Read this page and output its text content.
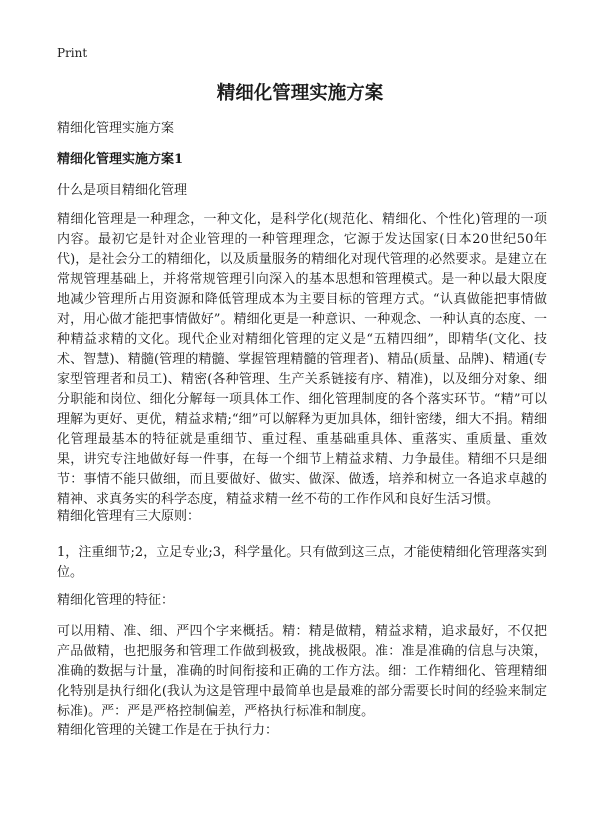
Print
精细化管理实施方案

精细化管理实施方案

精细化管理实施方案1

什么是项目精细化管理

精细化管理是一种理念，一种文化，是科学化(规范化、精细化、个性化)管理的一项内容。最初它是针对企业管理的一种管理理念，它源于发达国家(日本20世纪50年代)，是社会分工的精细化，以及质量服务的精细化对现代管理的必然要求。是建立在常规管理基础上，并将常规管理引向深入的基本思想和管理模式。是一种以最大限度地减少管理所占用资源和降低管理成本为主要目标的管理方式。“认真做能把事情做对，用心做才能把事情做好”。精细化更是一种意识、一种观念、一种认真的态度、一种精益求精的文化。现代企业对精细化管理的定义是“五精四细”，即精华(文化、技术、智慧)、精髓(管理的精髓、掌握管理精髓的管理者)、精品(质量、品牌)、精通(专家型管理者和员工)、精密(各种管理、生产关系链接有序、精准)，以及细分对象、细分职能和岗位、细化分解每一项具体工作、细化管理制度的各个落实环节。“精”可以理解为更好、更优，精益求精;“细”可以解释为更加具体，细针密缕，细大不捐。精细化管理最基本的特征就是重细节、重过程、重基础重具体、重落实、重质量、重效果，讲究专注地做好每一件事，在每一个细节上精益求精、力争最佳。精细不只是细节：事情不能只做细，而且要做好、做实、做深、做透，培养和树立一各追求卓越的精神、求真务实的科学态度，精益求精一丝不苟的工作作风和良好生活习惯。

精细化管理有三大原则：

1，注重细节;2，立足专业;3，科学量化。只有做到这三点，才能使精细化管理落实到位。

精细化管理的特征：

可以用精、准、细、严四个字来概括。精：精是做精，精益求精，追求最好，不仅把产品做精，也把服务和管理工作做到极致，挑战极限。准：准是准确的信息与决策，准确的数据与计量，准确的时间衔接和正确的工作方法。细：工作精细化、管理精细化特别是执行细化(我认为这是管理中最简单也是最难的部分需要长时间的经验来制定标准)。严：严是严格控制偏差，严格执行标准和制度。

精细化管理的关键工作是在于执行力：
